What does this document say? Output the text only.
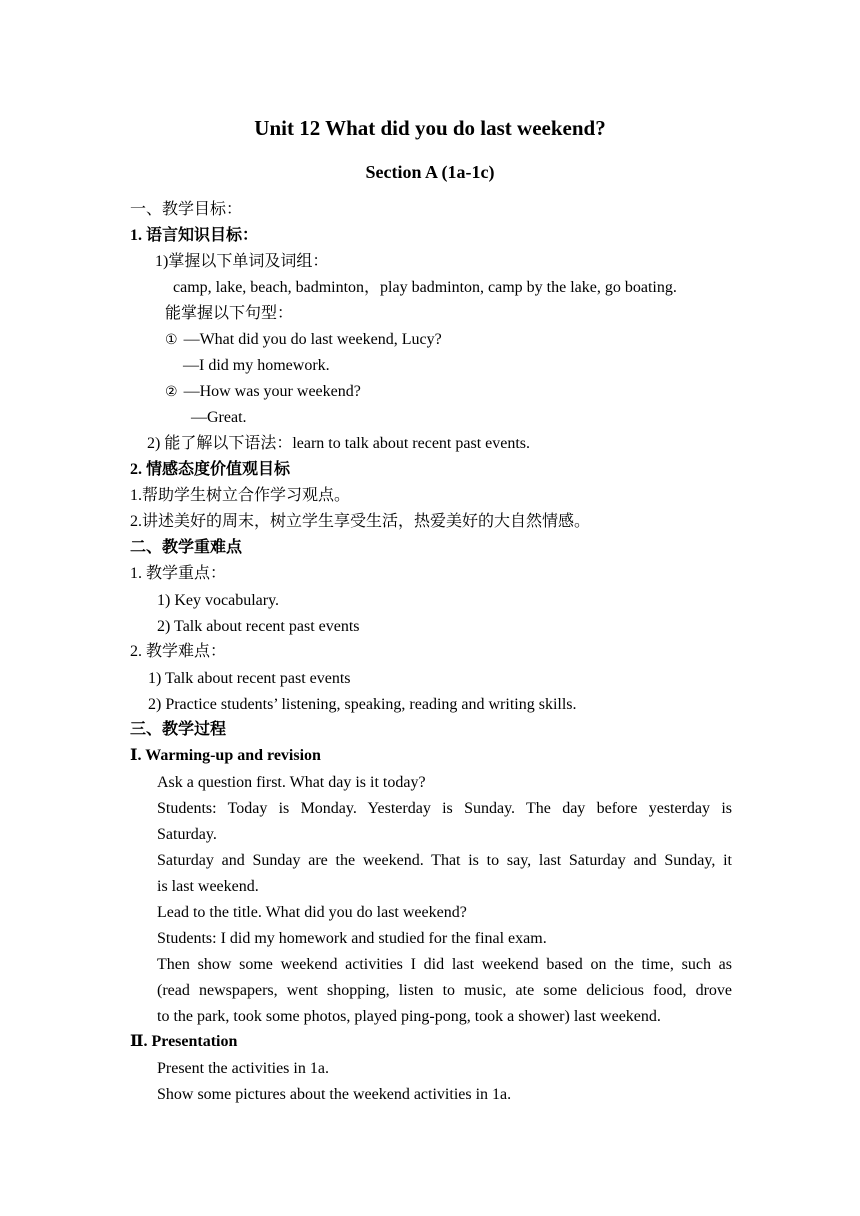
Unit 12 What did you do last weekend?
Section A (1a-1c)
一、教学目标：
1. 语言知识目标：
1)掌握以下单词及词组：
camp, lake, beach, badminton，play badminton, camp by the lake, go boating.
能掌握以下句型：
① —What did you do last weekend, Lucy?
—I did my homework.
② —How was your weekend?
—Great.
2) 能了解以下语法：learn to talk about recent past events.
2. 情感态度价值观目标
1.帮助学生树立合作学习观点。
2.讲述美好的周末，树立学生享受生活，热爱美好的大自然情感。
二、教学重难点
1. 教学重点：
1) Key vocabulary.
2) Talk about recent past events
2. 教学难点：
1) Talk about recent past events
2) Practice students’ listening, speaking, reading and writing skills.
三、教学过程
Ⅰ. Warming-up and revision
Ask a question first. What day is it today?
Students: Today is Monday. Yesterday is Sunday. The day before yesterday is
Saturday.
Saturday and Sunday are the weekend. That is to say, last Saturday and Sunday, it
is last weekend.
Lead to the title. What did you do last weekend?
Students: I did my homework and studied for the final exam.
Then show some weekend activities I did last weekend based on the time, such as
(read newspapers, went shopping, listen to music, ate some delicious food, drove
to the park, took some photos, played ping-pong, took a shower) last weekend.
Ⅱ. Presentation
Present the activities in 1a.
Show some pictures about the weekend activities in 1a.
